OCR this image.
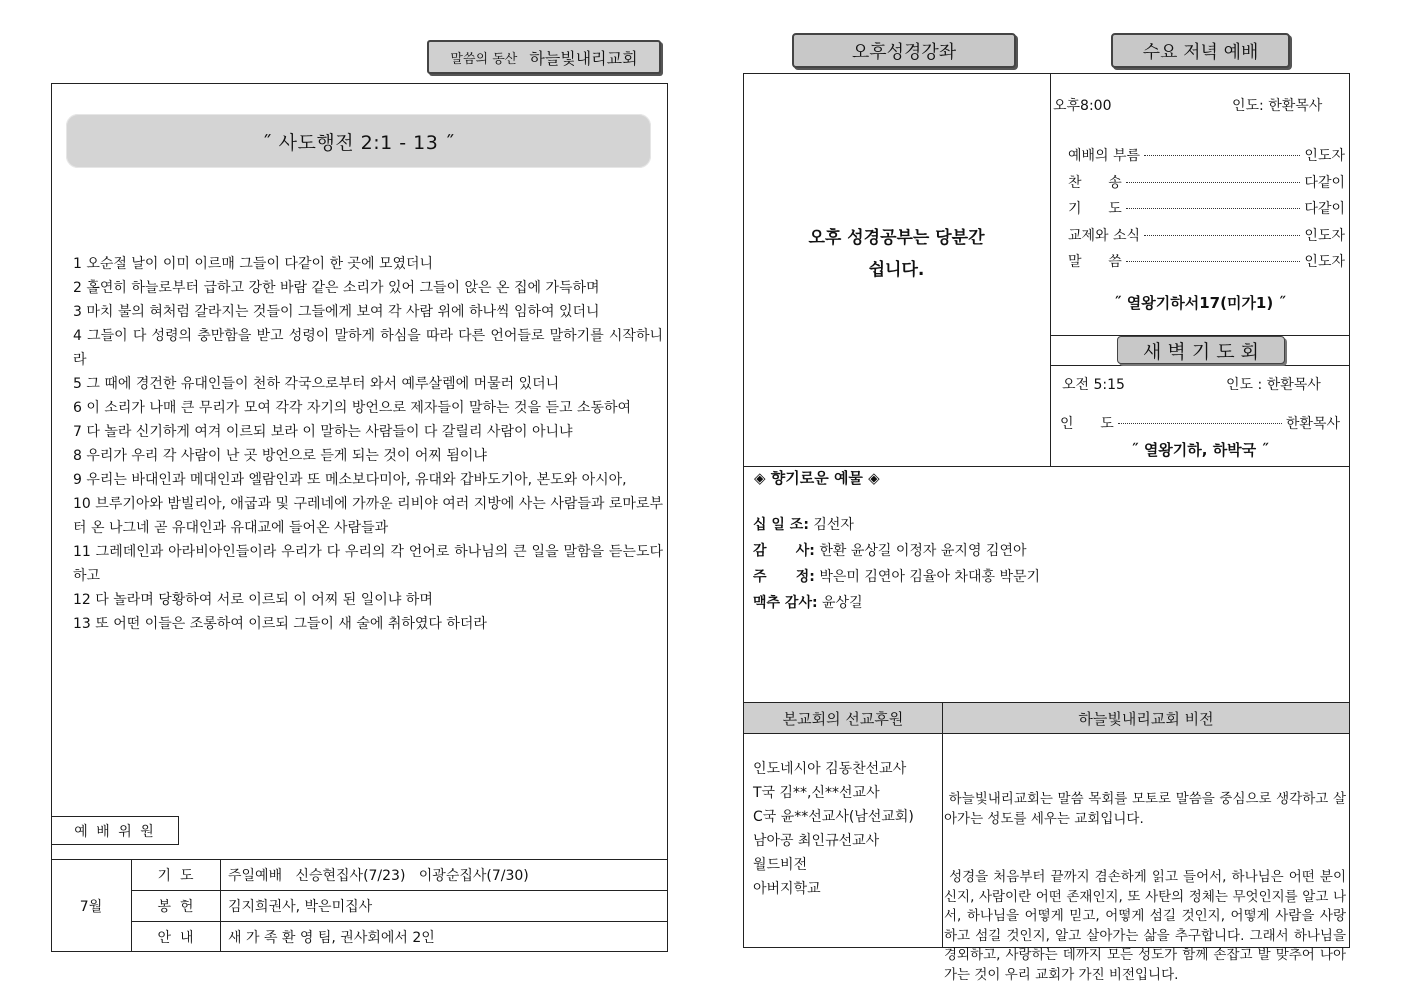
말씀의 동산 하늘빛내리교회
˝ 사도행전 2:1 - 13 ˝
1 오순절 날이 이미 이르매 그들이 다같이 한 곳에 모였더니
2 홀연히 하늘로부터 급하고 강한 바람 같은 소리가 있어 그들이 앉은 온 집에 가득하며
3 마치 불의 혀처럼 갈라지는 것들이 그들에게 보여 각 사람 위에 하나씩 임하여 있더니
4 그들이 다 성령의 충만함을 받고 성령이 말하게 하심을 따라 다른 언어들로 말하기를 시작하니라
5 그 때에 경건한 유대인들이 천하 각국으로부터 와서 예루살렘에 머물러 있더니
6 이 소리가 나매 큰 무리가 모여 각각 자기의 방언으로 제자들이 말하는 것을 듣고 소동하여
7 다 놀라 신기하게 여겨 이르되 보라 이 말하는 사람들이 다 갈릴리 사람이 아니냐
8 우리가 우리 각 사람이 난 곳 방언으로 듣게 되는 것이 어찌 됨이냐
9 우리는 바대인과 메대인과 엘람인과 또 메소보다미아, 유대와 갑바도기아, 본도와 아시아,
10 브루기아와 밤빌리아, 애굽과 및 구레네에 가까운 리비야 여러 지방에 사는 사람들과 로마로부터 온 나그네 곧 유대인과 유대교에 들어온 사람들과
11 그레데인과 아라비아인들이라 우리가 다 우리의 각 언어로 하나님의 큰 일을 말함을 듣는도다 하고
12 다 놀라며 당황하여 서로 이르되 이 어찌 된 일이냐 하며
13 또 어떤 이들은 조롱하여 이르되 그들이 새 술에 취하였다 하더라
예 배 위 원
7월
기  도 주일예배   신승현집사(7/23)   이광순집사(7/30)
봉  헌 김지희권사, 박은미집사
안  내 새 가 족 환 영 팀, 권사회에서 2인
오후성경강좌	수요 저녁 예배
오후 성경공부는 당분간
쉽니다.
오후8:00	인도: 한환목사
예배의 부름	인도자
찬      송	다같이
기      도	다같이
교제와 소식	인도자
말      씀	인도자
˝ 열왕기하서17(미가1) ˝
새 벽 기 도 회
오전 5:15	인도 : 한환목사
인      도	한환목사
˝ 열왕기하, 하박국 ˝
◈ 향기로운 예물 ◈
십 일 조: 김선자
감      사: 한환 윤상길 이정자 윤지영 김연아
주      정: 박은미 김연아 김율아 차대홍 박문기
맥추 감사: 윤상길
본교회의 선교후원	하늘빛내리교회 비전
인도네시아 김동찬선교사
T국 김**,신**선교사
C국 윤**선교사(남선교회)
남아공 최인규선교사
월드비전
아버지학교

하늘빛내리교회는 말씀 목회를 모토로 말씀을 중심으로 생각하고 살아가는 성도를 세우는 교회입니다.

성경을 처음부터 끝까지 겸손하게 읽고 들어서, 하나님은 어떤 분이신지, 사람이란 어떤 존재인지, 또 사탄의 정체는 무엇인지를 알고 나서, 하나님을 어떻게 믿고, 어떻게 섬길 것인지, 어떻게 사람을 사랑하고 섬길 것인지, 알고 살아가는 삶을 추구합니다. 그래서 하나님을 경외하고, 사랑하는 데까지 모든 성도가 함께 손잡고 발 맞추어 나아가는 것이 우리 교회가 가진 비전입니다.
